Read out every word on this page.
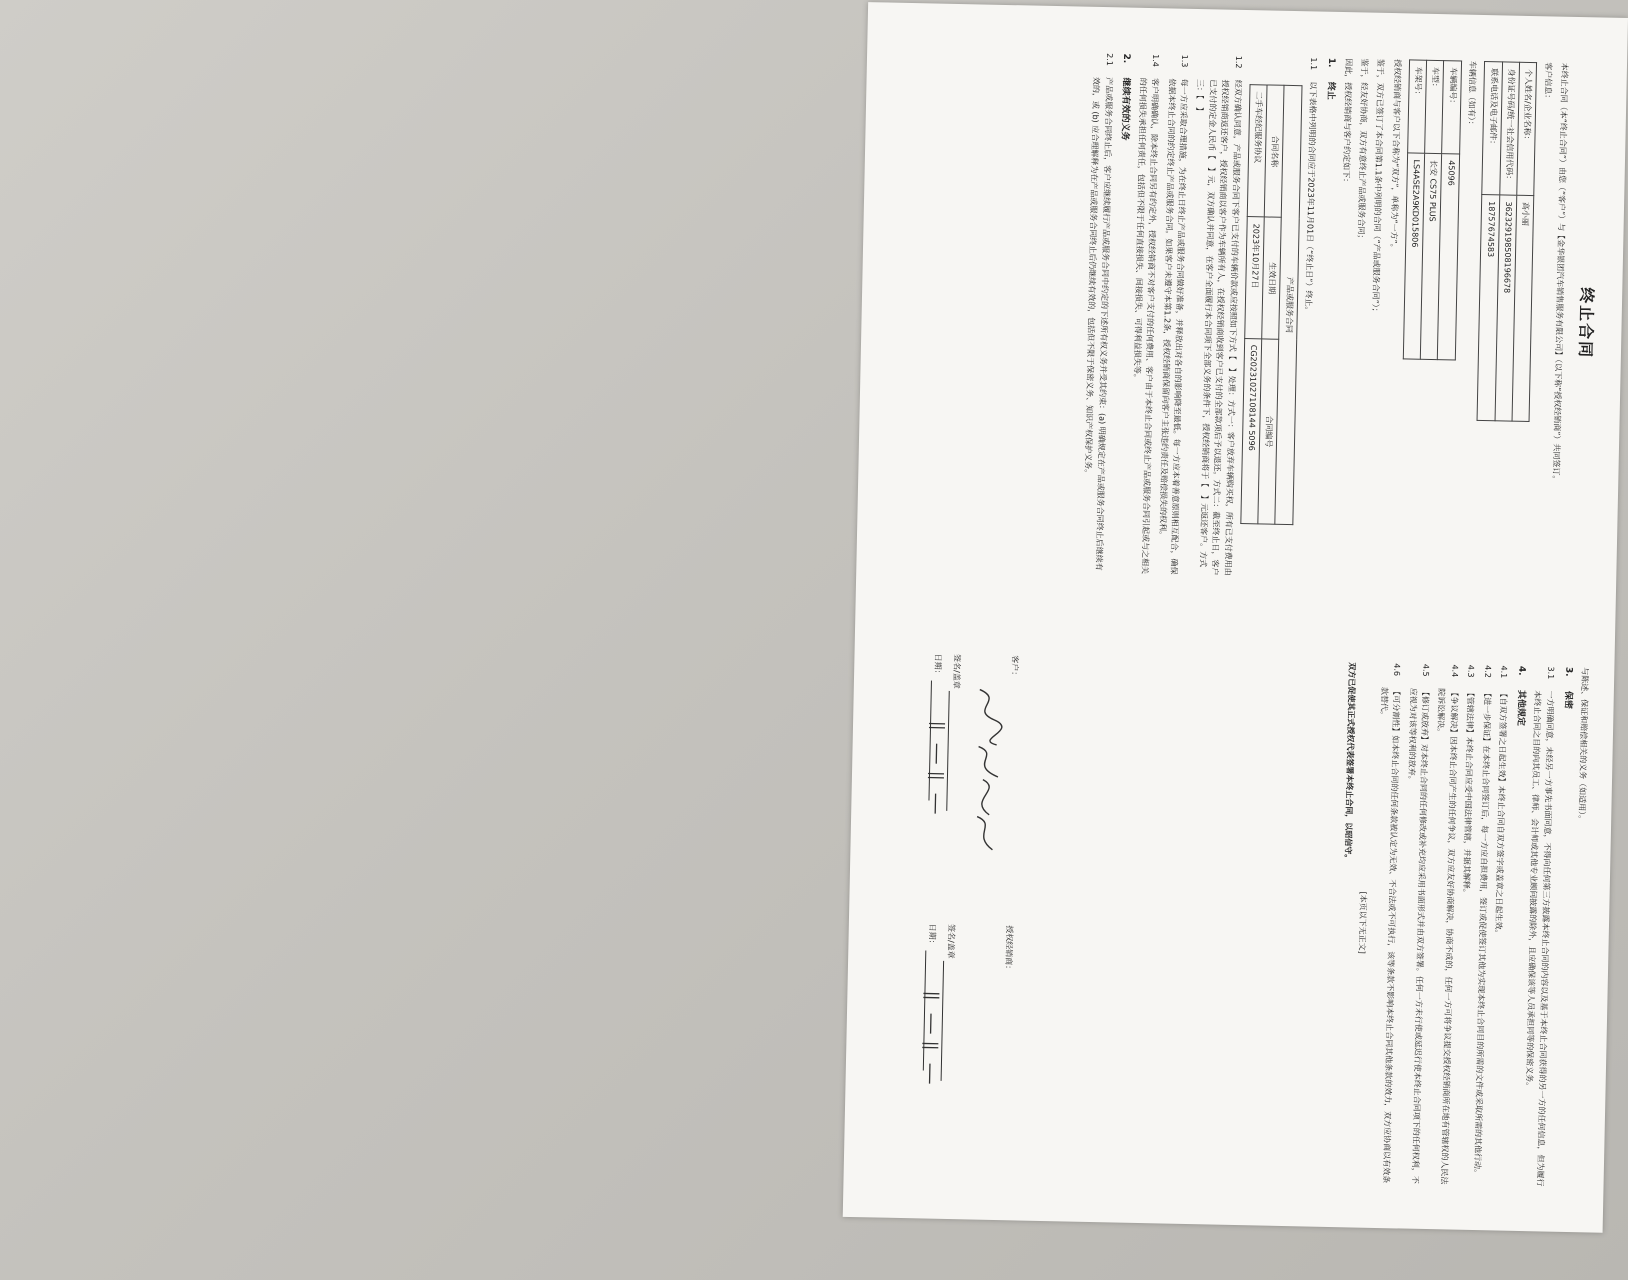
终止合同

本终止合同（本“终止合同”）由您（“客户”）与【金华银团汽车销售服务有限公司】（以下称“授权经销商”）共同签订。

客户信息：

个人姓名/企业名称：	高小丽
身份证号码/统一社会信用代码：	362329198508196678
联系电话及电子邮件：	18757674583

车辆信息（如有）：

车辆编号：	45096
车型：	长安 CS75 PLUS
车架号：	LS4ASE2A9KD015806

授权经销商与客户以下合称为“双方”，单称为“一方”。

鉴于，双方已签订了本合同第1.1条中列明的合同（“产品或服务合同”）；

鉴于，经友好协商，双方有意终止产品或服务合同；

因此，授权经销商与客户约定如下：

1.
终止
1.1
以下表格中列明的合同应于2023年11月01日（“终止日”）终止。
产品或服务合同		
合同名称	生效日期	合同编号
二手车经纪服务协议	2023年10月27日	CG20231027108144 5096
1.2
经双方确认同意，产品或服务合同下客户已支付的车辆价款或应按照如下方式【　】处理：方式一：客户放弃车辆购买权，所有已支付费用由授权经销商返还客户，授权经销商以客户作为车辆所有人，在授权经销商收到客户已支付的全部款项后予以退还。方式二：截至终止日，客户已支付的定金人民币【　】元，双方确认并同意，在客户全面履行本合同项下全部义务的条件下，授权经销商将于【　】元返还客户。方式三：【　】
1.3
每一方应采取合理措施，为在终止日终止产品或服务合同做好准备，并释放出对各自的影响降至最低。每一方应本着善意原则相互配合，确保依据本终止合同的约定终止产品或服务合同。如果客户未遵守本第1.2条，授权经销商保留向客户主张违约责任及赔偿损失的权利。
1.4
客户明确确认，除本终止合同另有约定外，授权经销商不对客户支付的任何费用、客户由于本终止合同或终止产品或服务合同引起或与之相关的任何损失承担任何责任，包括但不限于任何直接损失、间接损失、可得利益损失等。
2.
继续有效的义务
2.1
产品或服务合同终止后，客户应继续履行产品或服务合同中约定的下述所有权义务并受其约束：(a) 明确规定在产品或服务合同终止后继续有效的，或 (b) 应合理解释为在产品或服务合同终止后仍继续有效的，包括但不限于保密义务、知识产权保护义务。

与陈述、保证和赔偿相关的义务（如适用）。

3.
保密
3.1
一方明确同意，未经另一方事先书面同意，不得向任何第三方披露本终止合同的内容以及基于本终止合同获得的另一方的任何信息，但为履行本终止合同之目的向其员工、律师、会计师或其他专业顾问披露的除外，且应确保该等人员承担同等的保密义务。
4.
其他规定
4.1
【自双方签署之日起生效】本终止合同自双方签字或盖章之日起生效。
4.2
【进一步保证】在本终止合同签订后，每一方应自担费用，签订或促使签订其他为实现本终止合同目的所需的文件或采取所需的其他行动。
4.3
【管辖法律】本终止合同应受中国法律管辖，并据其解释。
4.4
【争议解决】因本终止合同产生的任何争议，双方应友好协商解决，协商不成的，任何一方可将争议提交授权经销商所在地有管辖权的人民法院诉讼解决。
4.5
【修订或放弃】对本终止合同的任何修改或补充均应采用书面形式并由双方签署。任何一方未行使或延迟行使本终止合同项下的任何权利，不应视为对该等权利的放弃。
4.6
【可分割性】如本终止合同的任何条款被认定为无效、不合法或不可执行，该等条款不影响本终止合同其他条款的效力，双方应协商以有效条款替代。

[本页以下无正文]

双方已促使其正式授权代表签署本终止合同，以昭信守。

客户：
签名/盖章
日期：
授权经销商：
签名/盖章
日期：
